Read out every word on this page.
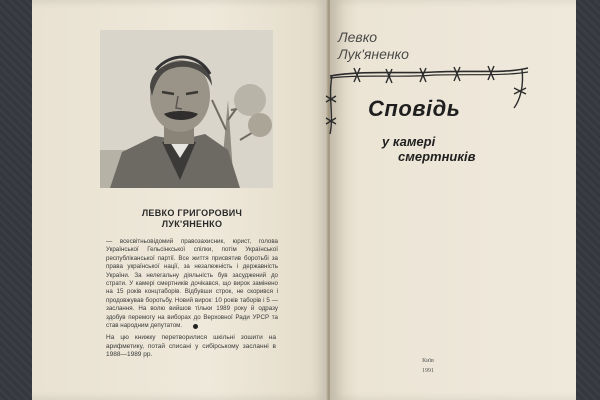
ЛЕВКО ГРИГОРОВИЧ
ЛУК'ЯНЕНКО

— всесвітньовідомий правозахисник, юрист, голова Української Гельсінкської спілки, потім Української республіканської партії. Все життя присвятив боротьбі за права української нації, за незалежність і державність України. За нелегальну діяльність був засуджений до страти. У камері смертників дочікався, що вирок замінено на 15 років концтаборів. Відбувши строк, не скорився і продовжував боротьбу. Новий вирок: 10 років таборів і 5 — заслання. На волю вийшов тільки 1989 року й одразу здобув перемогу на виборах до Верховної Ради УРСР та став народним депутатом.

На цю книжку перетворилися шкільні зошити на арифметику, потай списані у сибірському засланні в 1988—1989 рр.

Левко
Лук'яненко
Сповідь
у камері
смертників
Київ
1991
